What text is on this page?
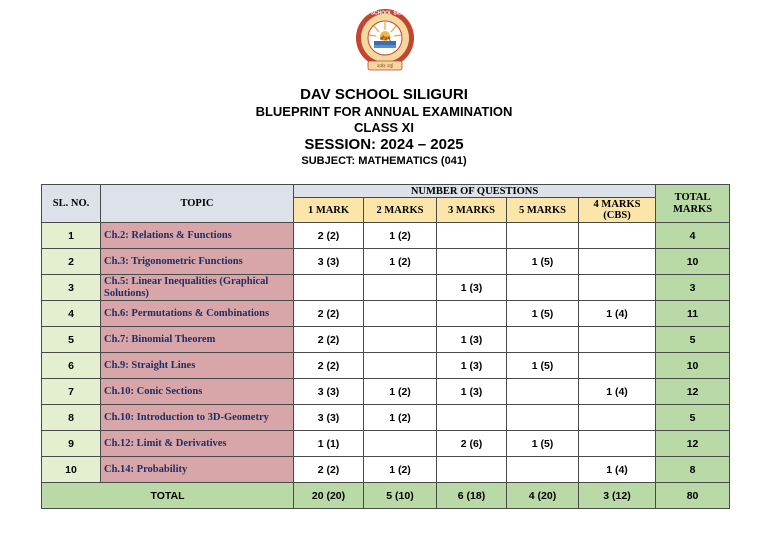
D.A.V. SCHOOL SILIGURI
ओ३म्
वर्जन नाई
DAV SCHOOL SILIGURI
BLUEPRINT FOR ANNUAL EXAMINATION
CLASS XI
SESSION: 2024 – 2025
SUBJECT: MATHEMATICS (041)
SL. NO.	TOPIC	NUMBER OF QUESTIONS					TOTAL MARKS
		1 MARK	2 MARKS	3 MARKS	5 MARKS	4 MARKS (CBS)	
1	Ch.2: Relations & Functions	2 (2)	1 (2)				4
2	Ch.3: Trigonometric Functions	3 (3)	1 (2)		1 (5)		10
3	Ch.5: Linear Inequalities (Graphical Solutions)			1 (3)			3
4	Ch.6: Permutations & Combinations	2 (2)			1 (5)	1 (4)	11
5	Ch.7: Binomial Theorem	2 (2)		1 (3)			5
6	Ch.9: Straight Lines	2 (2)		1 (3)	1 (5)		10
7	Ch.10: Conic Sections	3 (3)	1 (2)	1 (3)		1 (4)	12
8	Ch.10: Introduction to 3D-Geometry	3 (3)	1 (2)				5
9	Ch.12: Limit & Derivatives	1 (1)		2 (6)	1 (5)		12
10	Ch.14: Probability	2 (2)	1 (2)			1 (4)	8
TOTAL		20 (20)	5 (10)	6 (18)	4 (20)	3 (12)	80
